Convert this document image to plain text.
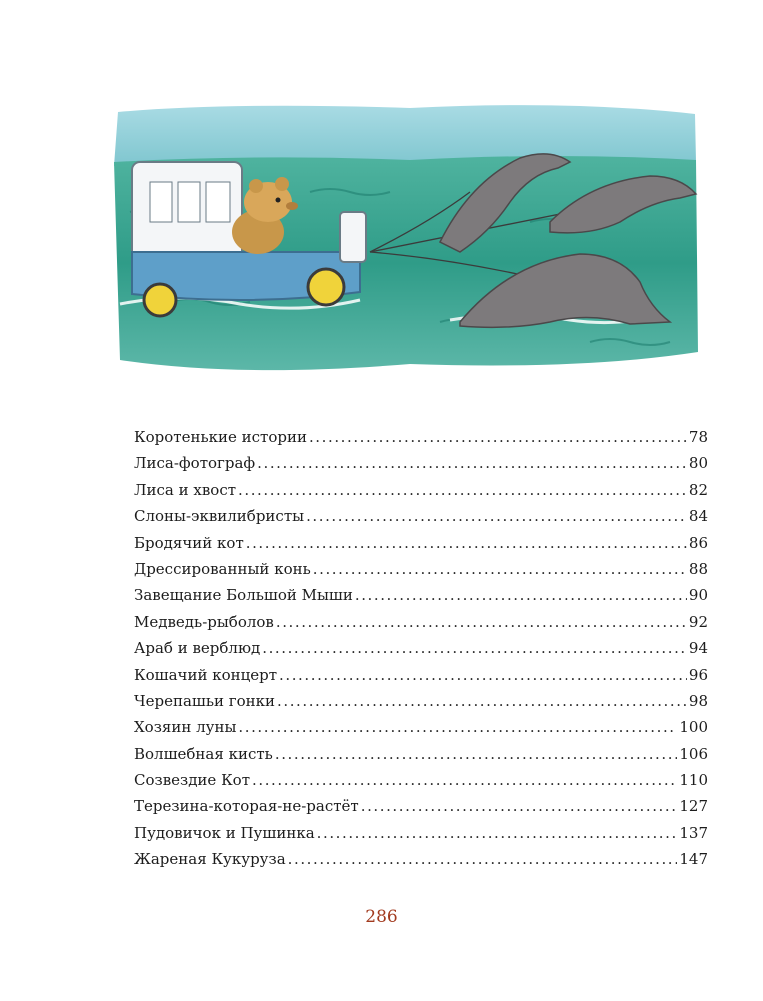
Коротенькие истории . . .	78
Лиса-фотограф . . .	80
Лиса и хвост . . .	82
Слоны-эквилибристы . . .	84
Бродячий кот . . .	86
Дрессированный конь . . .	88
Завещание Большой Мыши . . .	90
Медведь-рыболов . . .	92
Араб и верблюд . . .	94
Кошачий концерт . . .	96
Черепашьи гонки . . .	98
Хозяин луны . . .	100
Волшебная кисть . . .	106
Созвездие Кот . . .	110
Терезина-которая-не-растёт . . .	127
Пудовичок и Пушинка . . .	137
Жареная Кукуруза . . .	147
286
